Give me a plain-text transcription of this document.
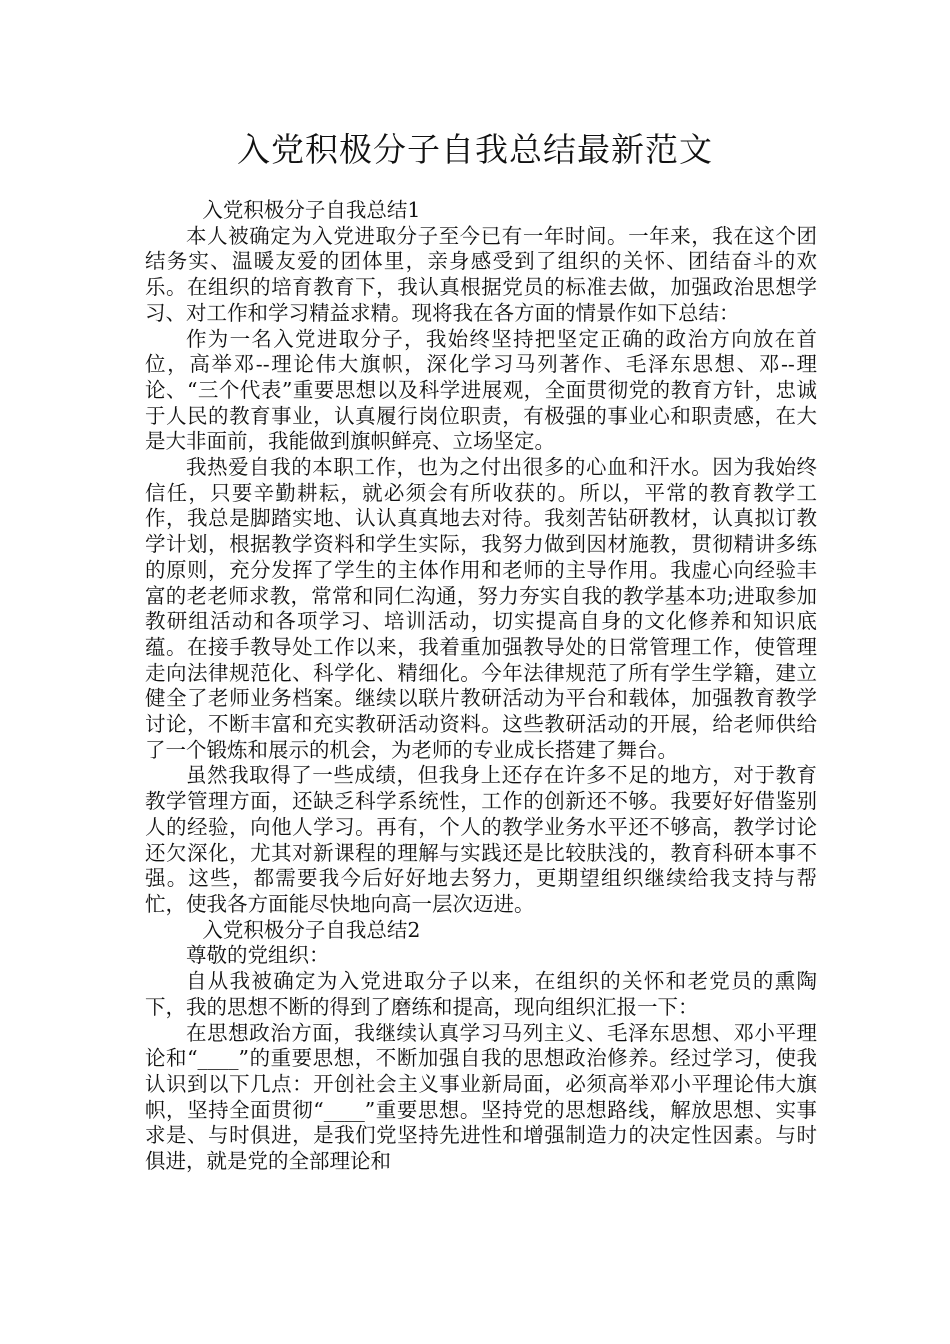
入党积极分子自我总结最新范文

入党积极分子自我总结1

本人被确定为入党进取分子至今已有一年时间。一年来，我在这个团结务实、温暖友爱的团体里，亲身感受到了组织的关怀、团结奋斗的欢乐。在组织的培育教育下，我认真根据党员的标准去做，加强政治思想学习、对工作和学习精益求精。现将我在各方面的情景作如下总结：

作为一名入党进取分子，我始终坚持把坚定正确的政治方向放在首位，高举邓--理论伟大旗帜，深化学习马列著作、毛泽东思想、邓--理论、“三个代表”重要思想以及科学进展观，全面贯彻党的教育方针，忠诚于人民的教育事业，认真履行岗位职责，有极强的事业心和职责感，在大是大非面前，我能做到旗帜鲜亮、立场坚定。

我热爱自我的本职工作，也为之付出很多的心血和汗水。因为我始终信任，只要辛勤耕耘，就必须会有所收获的。所以，平常的教育教学工作，我总是脚踏实地、认认真真地去对待。我刻苦钻研教材，认真拟订教学计划，根据教学资料和学生实际，我努力做到因材施教，贯彻精讲多练的原则，充分发挥了学生的主体作用和老师的主导作用。我虚心向经验丰富的老老师求教，常常和同仁沟通，努力夯实自我的教学基本功;进取参加教研组活动和各项学习、培训活动，切实提高自身的文化修养和知识底蕴。在接手教导处工作以来，我着重加强教导处的日常管理工作，使管理走向法律规范化、科学化、精细化。今年法律规范了所有学生学籍，建立健全了老师业务档案。继续以联片教研活动为平台和载体，加强教育教学讨论，不断丰富和充实教研活动资料。这些教研活动的开展，给老师供给了一个锻炼和展示的机会，为老师的专业成长搭建了舞台。

虽然我取得了一些成绩，但我身上还存在许多不足的地方，对于教育教学管理方面，还缺乏科学系统性，工作的创新还不够。我要好好借鉴别人的经验，向他人学习。再有，个人的教学业务水平还不够高，教学讨论还欠深化，尤其对新课程的理解与实践还是比较肤浅的，教育科研本事不强。这些，都需要我今后好好地去努力，更期望组织继续给我支持与帮忙，使我各方面能尽快地向高一层次迈进。

入党积极分子自我总结2

尊敬的党组织：

自从我被确定为入党进取分子以来，在组织的关怀和老党员的熏陶下，我的思想不断的得到了磨练和提高，现向组织汇报一下：

在思想政治方面，我继续认真学习马列主义、毛泽东思想、邓小平理论和“____”的重要思想，不断加强自我的思想政治修养。经过学习，使我认识到以下几点：开创社会主义事业新局面，必须高举邓小平理论伟大旗帜，坚持全面贯彻“____”重要思想。坚持党的思想路线，解放思想、实事求是、与时俱进，是我们党坚持先进性和增强制造力的决定性因素。与时俱进，就是党的全部理论和
